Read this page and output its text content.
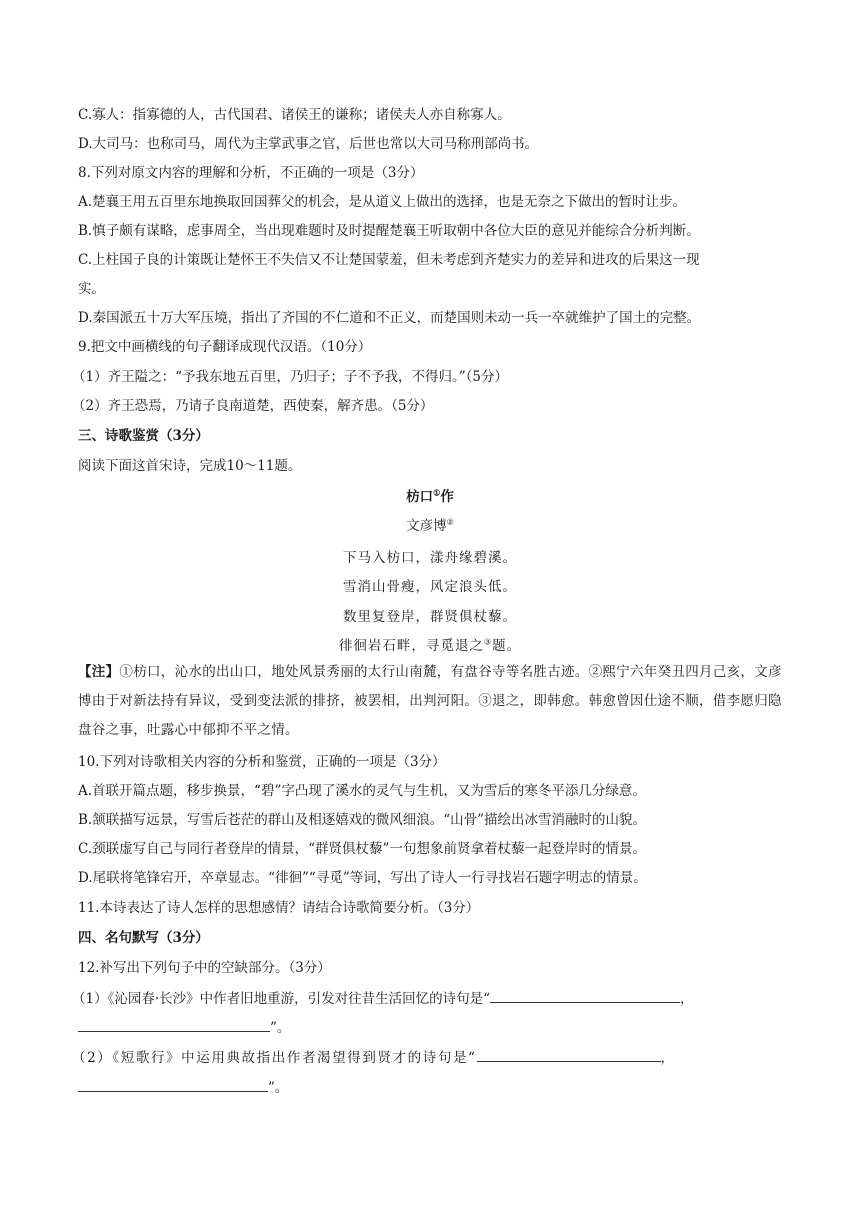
C.寡人：指寡德的人，古代国君、诸侯王的谦称；诸侯夫人亦自称寡人。
D.大司马：也称司马，周代为主掌武事之官，后世也常以大司马称刑部尚书。
8.下列对原文内容的理解和分析，不正确的一项是（3分）
A.楚襄王用五百里东地换取回国葬父的机会，是从道义上做出的选择，也是无奈之下做出的暂时让步。
B.慎子颇有谋略，虑事周全，当出现难题时及时提醒楚襄王听取朝中各位大臣的意见并能综合分析判断。
C.上柱国子良的计策既让楚怀王不失信又不让楚国蒙羞，但未考虑到齐楚实力的差异和进攻的后果这一现
实。
D.秦国派五十万大军压境，指出了齐国的不仁道和不正义，而楚国则未动一兵一卒就维护了国土的完整。
9.把文中画横线的句子翻译成现代汉语。（10分）
（1）齐王隘之：“予我东地五百里，乃归子；子不予我，不得归。”（5分）
（2）齐王恐焉，乃请子良南道楚，西使秦，解齐患。（5分）
三、诗歌鉴赏（3分）
阅读下面这首宋诗，完成10～11题。
枋口①作
文彦博②
下马入枋口，漾舟缘碧溪。
雪消山骨瘦，风定浪头低。
数里复登岸，群贤俱杖藜。
徘徊岩石畔，寻觅退之③题。
【注】①枋口，沁水的出山口，地处风景秀丽的太行山南麓，有盘谷寺等名胜古迹。②熙宁六年癸丑四月己亥，文彦博由于对新法持有异议，受到变法派的排挤，被罢相，出判河阳。③退之，即韩愈。韩愈曾因仕途不顺，借李愿归隐盘谷之事，吐露心中郁抑不平之情。
10.下列对诗歌相关内容的分析和鉴赏，正确的一项是（3分）
A.首联开篇点题，移步换景，“碧”字凸现了溪水的灵气与生机，又为雪后的寒冬平添几分绿意。
B.颔联描写远景，写雪后苍茫的群山及相逐嬉戏的微风细浪。“山骨”描绘出冰雪消融时的山貌。
C.颈联虚写自己与同行者登岸的情景，“群贤俱杖藜”一句想象前贤拿着杖藜一起登岸时的情景。
D.尾联将笔锋宕开，卒章显志。“徘徊”“寻觅”等词，写出了诗人一行寻找岩石题字明志的情景。
11.本诗表达了诗人怎样的思想感情？请结合诗歌简要分析。（3分）
四、名句默写（3分）
12.补写出下列句子中的空缺部分。（3分）
（1）《沁园春·长沙》中作者旧地重游，引发对往昔生活回忆的诗句是“	，
”。
（2）《短歌行》中运用典故指出作者渴望得到贤才的诗句是“	，
”。
